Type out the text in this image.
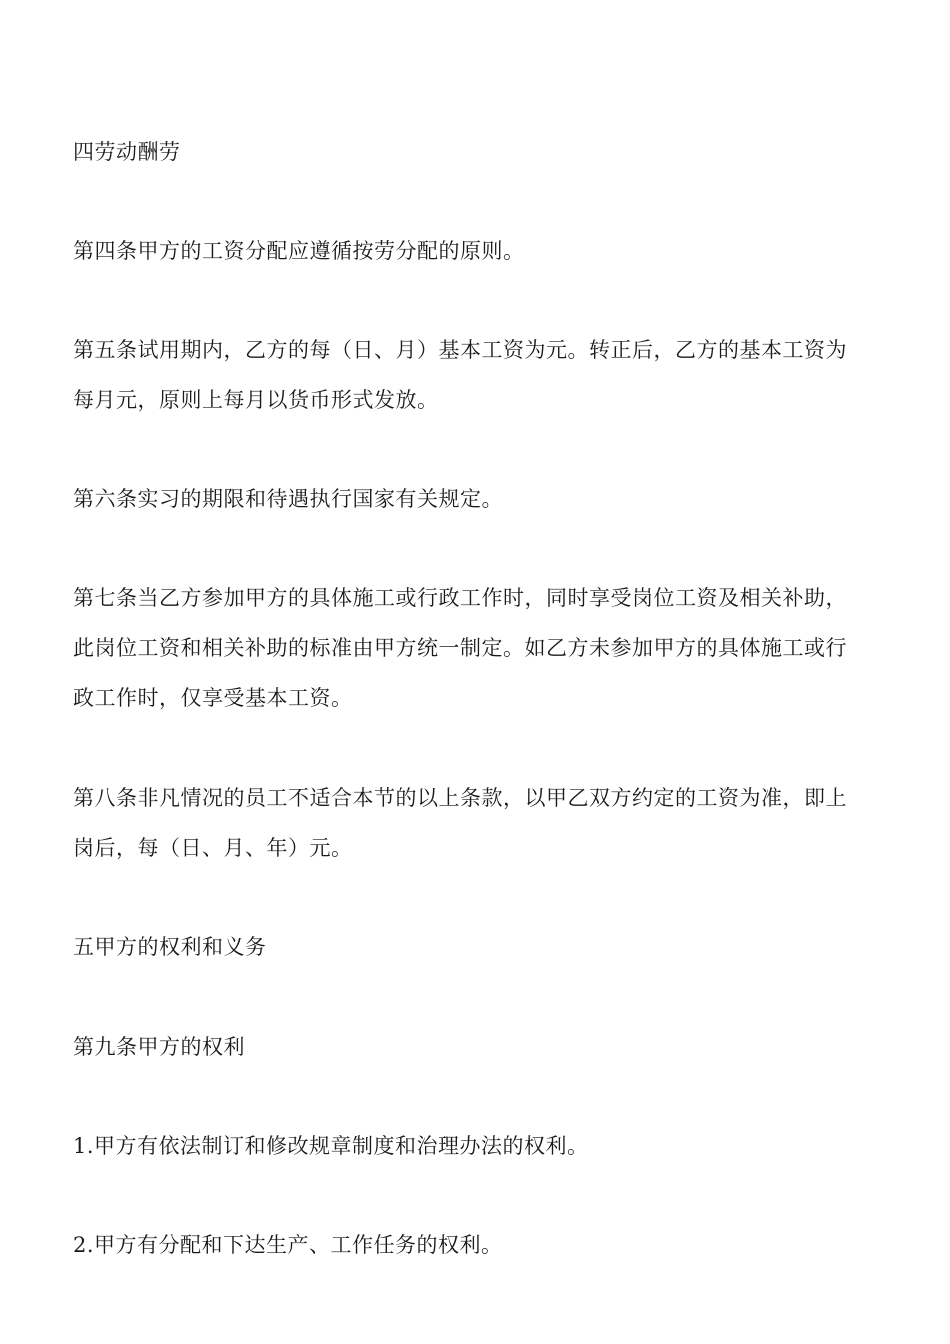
四劳动酬劳

第四条甲方的工资分配应遵循按劳分配的原则。

第五条试用期内，乙方的每（日、月）基本工资为元。转正后，乙方的基本工资为
每月元，原则上每月以货币形式发放。

第六条实习的期限和待遇执行国家有关规定。

第七条当乙方参加甲方的具体施工或行政工作时，同时享受岗位工资及相关补助，
此岗位工资和相关补助的标准由甲方统一制定。如乙方未参加甲方的具体施工或行
政工作时，仅享受基本工资。

第八条非凡情况的员工不适合本节的以上条款，以甲乙双方约定的工资为准，即上
岗后，每（日、月、年）元。

五甲方的权利和义务

第九条甲方的权利

1.甲方有依法制订和修改规章制度和治理办法的权利。

2.甲方有分配和下达生产、工作任务的权利。
